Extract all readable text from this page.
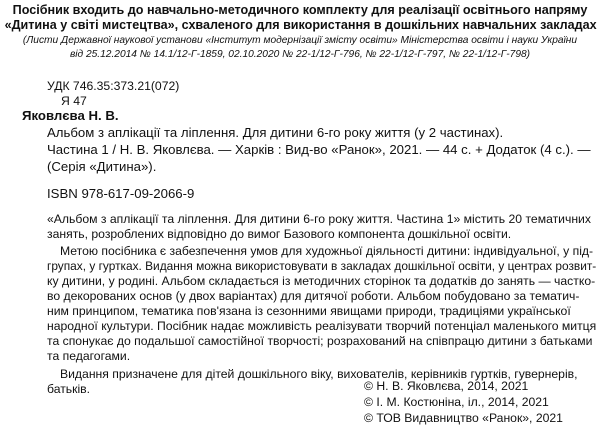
Посібник входить до навчально-методичного комплекту для реалізації освітнього напряму
«Дитина у світі мистецтва», схваленого для використання в дошкільних навчальних закладах
(Листи Державної наукової установи «Інститут модернізації змісту освіти» Міністерства освіти і науки України
від 25.12.2014 № 14.1/12-Г-1859, 02.10.2020 № 22-1/12-Г-796, № 22-1/12-Г-797, № 22-1/12-Г-798)
УДК 746.35:373.21(072)
Я 47
Яковлєва Н. В.
Альбом з аплікації та ліплення. Для дитини 6-го року життя (у 2 частинах).
Частина 1 / Н. В. Яковлєва. — Харків : Вид-во «Ранок», 2021. — 44 с. + Додаток (4 с.). —
(Серія «Дитина»).
ISBN 978-617-09-2066-9
«Альбом з аплікації та ліплення. Для дитини 6-го року життя. Частина 1» містить 20 тематичних
занять, розроблених відповідно до вимог Базового компонента дошкільної освіти.
Метою посібника є забезпечення умов для художньої діяльності дитини: індивідуальної, у під-
групах, у гуртках. Видання можна використовувати в закладах дошкільної освіти, у центрах розвит-
ку дитини, у родині. Альбом складається із методичних сторінок та додатків до занять — частко-
во декорованих основ (у двох варіантах) для дитячої роботи. Альбом побудовано за тематич-
ним принципом, тематика пов'язана із сезонними явищами природи, традиціями української
народної культури. Посібник надає можливість реалізувати творчий потенціал маленького митця
та спонукає до подальшої самостійної творчості; розрахований на співпрацю дитини з батьками
та педагогами.
Видання призначене для дітей дошкільного віку, вихователів, керівників гуртків, гувернерів,
батьків.	© Н. В. Яковлєва, 2014, 2021
© І. М. Костюніна, іл., 2014, 2021
© ТОВ Видавництво «Ранок», 2021
